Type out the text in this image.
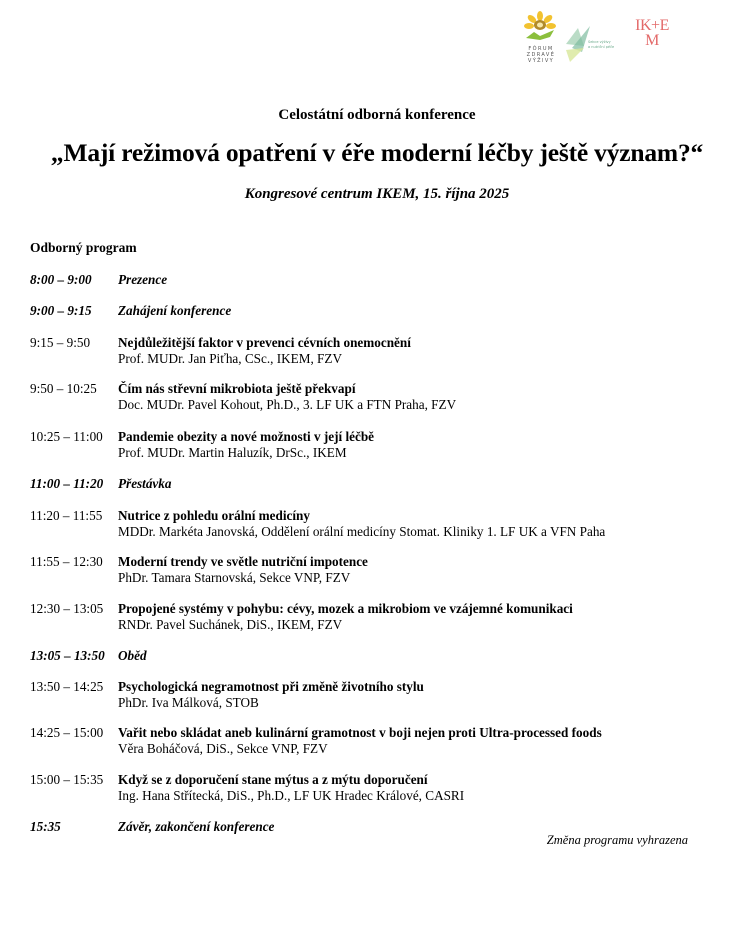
FÓRUM
ZDRAVÉ
VÝŽIVY
Sekce výživy
a nutriční péče
IK+E
M
Celostátní odborná konference
„Mají režimová opatření v éře moderní léčby ještě význam?“
Kongresové centrum IKEM, 15. října 2025
Odborný program
8:00 – 9:00 Prezence
9:00 – 9:15 Zahájení konference
9:15 – 9:50 Nejdůležitější faktor v prevenci cévních onemocnění
Prof. MUDr. Jan Piťha, CSc., IKEM, FZV
9:50 – 10:25 Čím nás střevní mikrobiota ještě překvapí
Doc. MUDr. Pavel Kohout, Ph.D., 3. LF UK a FTN Praha, FZV
10:25 – 11:00 Pandemie obezity a nové možnosti v její léčbě
Prof. MUDr. Martin Haluzík, DrSc., IKEM
11:00 – 11:20 Přestávka
11:20 – 11:55 Nutrice z pohledu orální medicíny
MDDr. Markéta Janovská, Oddělení orální medicíny Stomat. Kliniky 1. LF UK a VFN Paha
11:55 – 12:30 Moderní trendy ve světle nutriční impotence
PhDr. Tamara Starnovská, Sekce VNP, FZV
12:30 – 13:05 Propojené systémy v pohybu: cévy, mozek a mikrobiom ve vzájemné komunikaci
RNDr. Pavel Suchánek, DiS., IKEM, FZV
13:05 – 13:50 Oběd
13:50 – 14:25 Psychologická negramotnost při změně životního stylu
PhDr. Iva Málková, STOB
14:25 – 15:00 Vařit nebo skládat aneb kulinární gramotnost v boji nejen proti Ultra-processed foods
Věra Boháčová, DiS., Sekce VNP, FZV
15:00 – 15:35 Když se z doporučení stane mýtus a z mýtu doporučení
Ing. Hana Střítecká, DiS., Ph.D., LF UK Hradec Králové, CASRI
15:35	Závěr, zakončení konference
Změna programu vyhrazena
